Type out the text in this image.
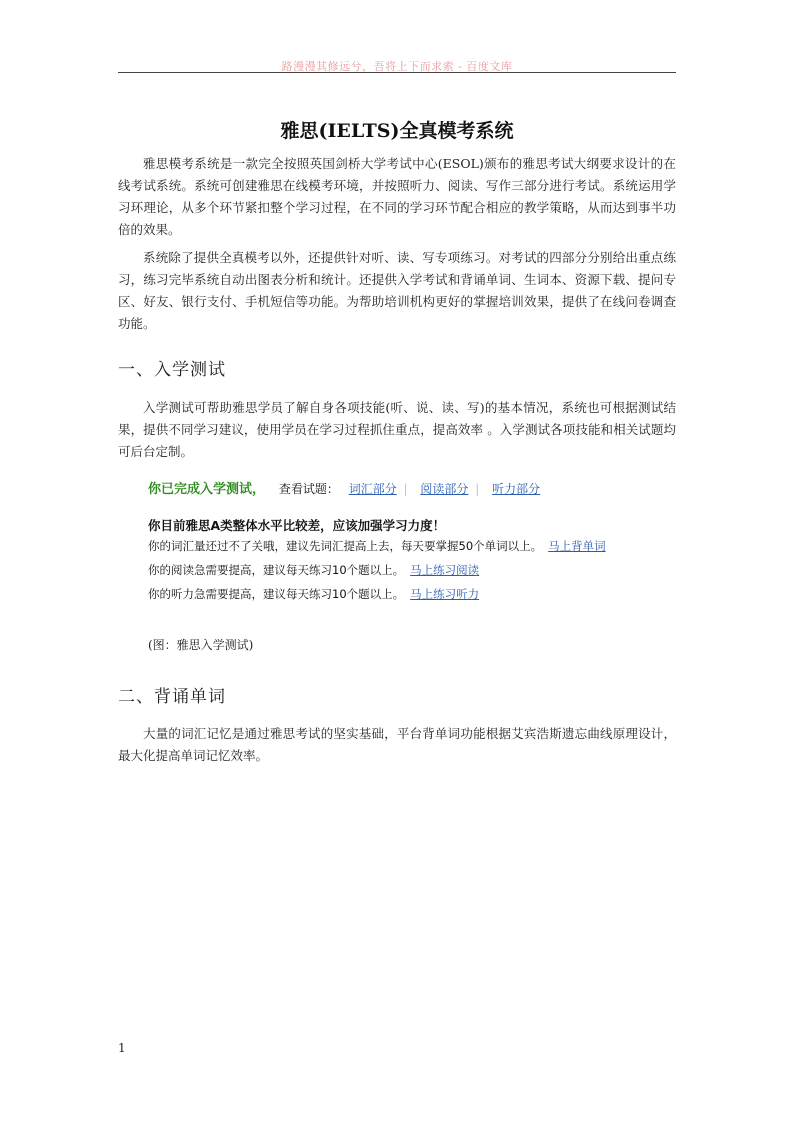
路漫漫其修远兮，吾将上下而求索 - 百度文库
雅思(IELTS)全真模考系统

雅思模考系统是一款完全按照英国剑桥大学考试中心(ESOL)颁布的雅思考试大纲要求设计的在线考试系统。系统可创建雅思在线模考环境，并按照听力、阅读、写作三部分进行考试。系统运用学习环理论，从多个环节紧扣整个学习过程，在不同的学习环节配合相应的教学策略，从而达到事半功倍的效果。

系统除了提供全真模考以外，还提供针对听、读、写专项练习。对考试的四部分分别给出重点练习，练习完毕系统自动出图表分析和统计。还提供入学考试和背诵单词、生词本、资源下载、提问专区、好友、银行支付、手机短信等功能。为帮助培训机构更好的掌握培训效果，提供了在线问卷调查功能。

一、入学测试

入学测试可帮助雅思学员了解自身各项技能(听、说、读、写)的基本情况，系统也可根据测试结果，提供不同学习建议，使用学员在学习过程抓住重点，提高效率 。入学测试各项技能和相关试题均可后台定制。

你已完成入学测试， 查看试题： 词汇部分 | 阅读部分 | 听力部分
你目前雅思A类整体水平比较差，应该加强学习力度！
你的词汇量还过不了关哦，建议先词汇提高上去，每天要掌握50个单词以上。 马上背单词
你的阅读急需要提高，建议每天练习10个题以上。 马上练习阅读
你的听力急需要提高，建议每天练习10个题以上。 马上练习听力
(图：雅思入学测试)
二、背诵单词

大量的词汇记忆是通过雅思考试的坚实基础，平台背单词功能根据艾宾浩斯遗忘曲线原理设计，最大化提高单词记忆效率。

1
